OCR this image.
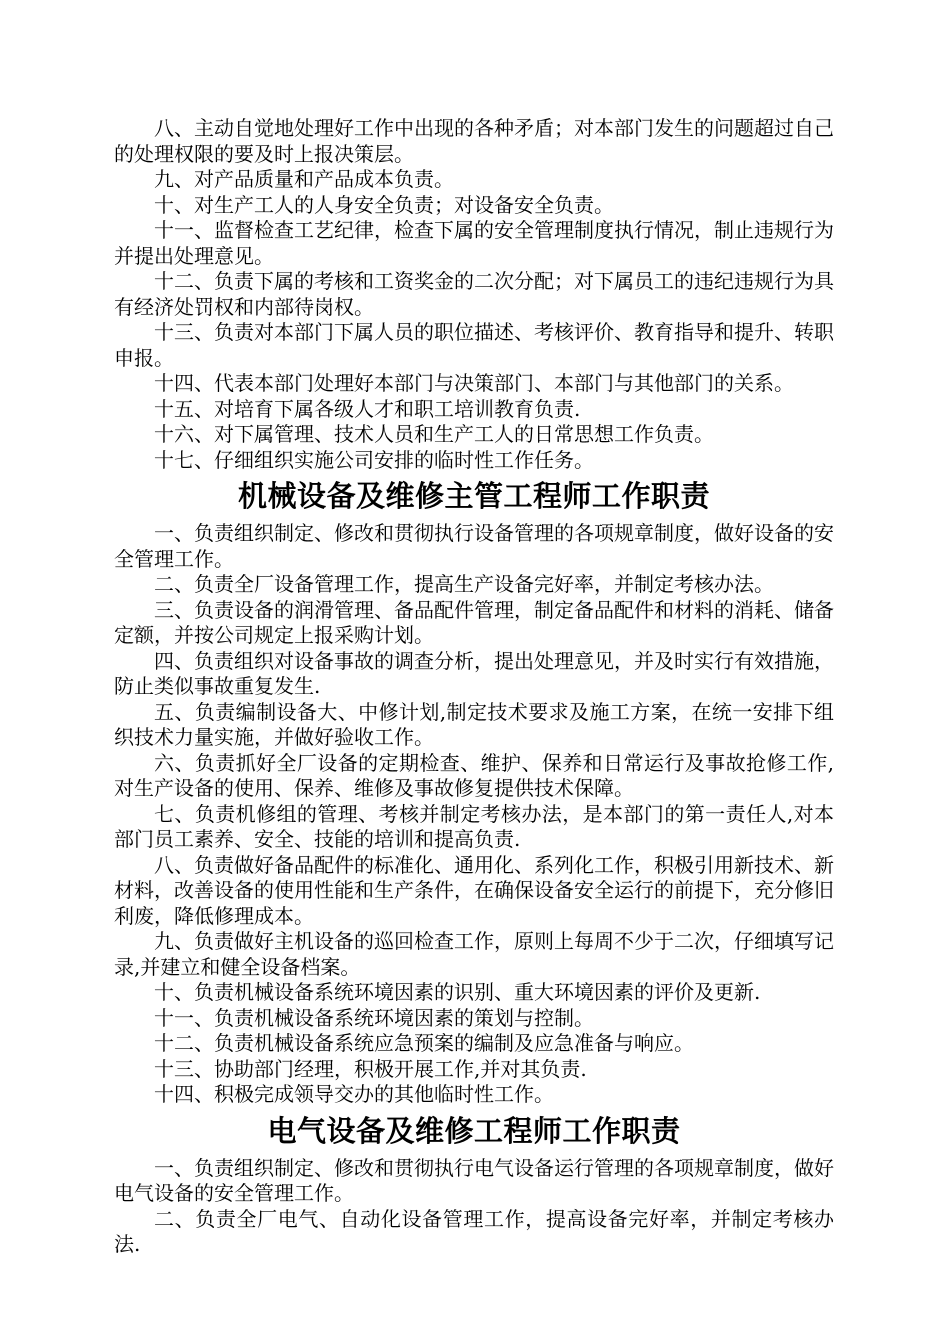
八、主动自觉地处理好工作中出现的各种矛盾；对本部门发生的问题超过自己的处理权限的要及时上报决策层。

九、对产品质量和产品成本负责。

十、对生产工人的人身安全负责；对设备安全负责。

十一、监督检查工艺纪律，检查下属的安全管理制度执行情况，制止违规行为并提出处理意见。

十二、负责下属的考核和工资奖金的二次分配；对下属员工的违纪违规行为具有经济处罚权和内部待岗权。

十三、负责对本部门下属人员的职位描述、考核评价、教育指导和提升、转职申报。

十四、代表本部门处理好本部门与决策部门、本部门与其他部门的关系。

十五、对培育下属各级人才和职工培训教育负责.

十六、对下属管理、技术人员和生产工人的日常思想工作负责。

十七、仔细组织实施公司安排的临时性工作任务。

机械设备及维修主管工程师工作职责

一、负责组织制定、修改和贯彻执行设备管理的各项规章制度，做好设备的安全管理工作。

二、负责全厂设备管理工作，提高生产设备完好率，并制定考核办法。

三、负责设备的润滑管理、备品配件管理，制定备品配件和材料的消耗、储备定额，并按公司规定上报采购计划。

四、负责组织对设备事故的调查分析，提出处理意见，并及时实行有效措施，防止类似事故重复发生.

五、负责编制设备大、中修计划,制定技术要求及施工方案，在统一安排下组织技术力量实施，并做好验收工作。

六、负责抓好全厂设备的定期检查、维护、保养和日常运行及事故抢修工作,对生产设备的使用、保养、维修及事故修复提供技术保障。

七、负责机修组的管理、考核并制定考核办法，是本部门的第一责任人,对本部门员工素养、安全、技能的培训和提高负责.

八、负责做好备品配件的标准化、通用化、系列化工作，积极引用新技术、新材料，改善设备的使用性能和生产条件，在确保设备安全运行的前提下，充分修旧利废，降低修理成本。

九、负责做好主机设备的巡回检查工作，原则上每周不少于二次，仔细填写记录,并建立和健全设备档案。

十、负责机械设备系统环境因素的识别、重大环境因素的评价及更新.

十一、负责机械设备系统环境因素的策划与控制。

十二、负责机械设备系统应急预案的编制及应急准备与响应。

十三、协助部门经理，积极开展工作,并对其负责.

十四、积极完成领导交办的其他临时性工作。

电气设备及维修工程师工作职责

一、负责组织制定、修改和贯彻执行电气设备运行管理的各项规章制度，做好电气设备的安全管理工作。

二、负责全厂电气、自动化设备管理工作，提高设备完好率，并制定考核办法.
